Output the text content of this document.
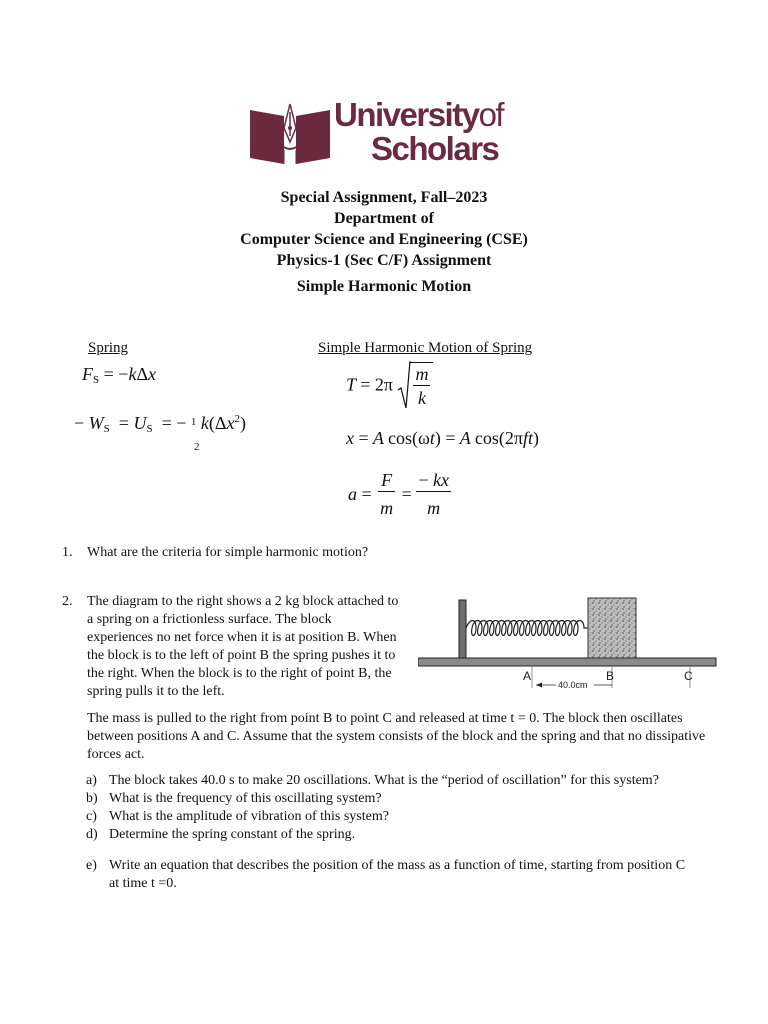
Universityof
Scholars
Special Assignment, Fall–2023
Department of
Computer Science and Engineering (CSE)
Physics-1 (Sec C/F) Assignment
Simple Harmonic Motion
Spring	Simple Harmonic Motion of Spring
$F_S = -k\Delta x$
− $W_S = U_S$  = − $^1$ $k(\Delta x^2)$
2
$T = 2\pi \frac{m}{k}$
x = A cos(ωt) = A cos(2πft)
$a = \frac{F}{m} = \frac{- kx}{m}$
1. What are the criteria for simple harmonic motion?
2. The diagram to the right shows a 2 kg block attached to a spring on a frictionless surface. The block experiences no net force when it is at position B. When the block is to the left of point B the spring pushes it to the right. When the block is to the right of point B, the spring pulls it to the left.
A	B	C
40.0cm
The mass is pulled to the right from point B to point C and released at time t = 0. The block then oscillates between positions A and C. Assume that the system consists of the block and the spring and that no dissipative forces act.
a) The block takes 40.0 s to make 20 oscillations. What is the “period of oscillation” for this system?
b) What is the frequency of this oscillating system?
c) What is the amplitude of vibration of this system?
d) Determine the spring constant of the spring.
e) Write an equation that describes the position of the mass as a function of time, starting from position C at time t =0.
